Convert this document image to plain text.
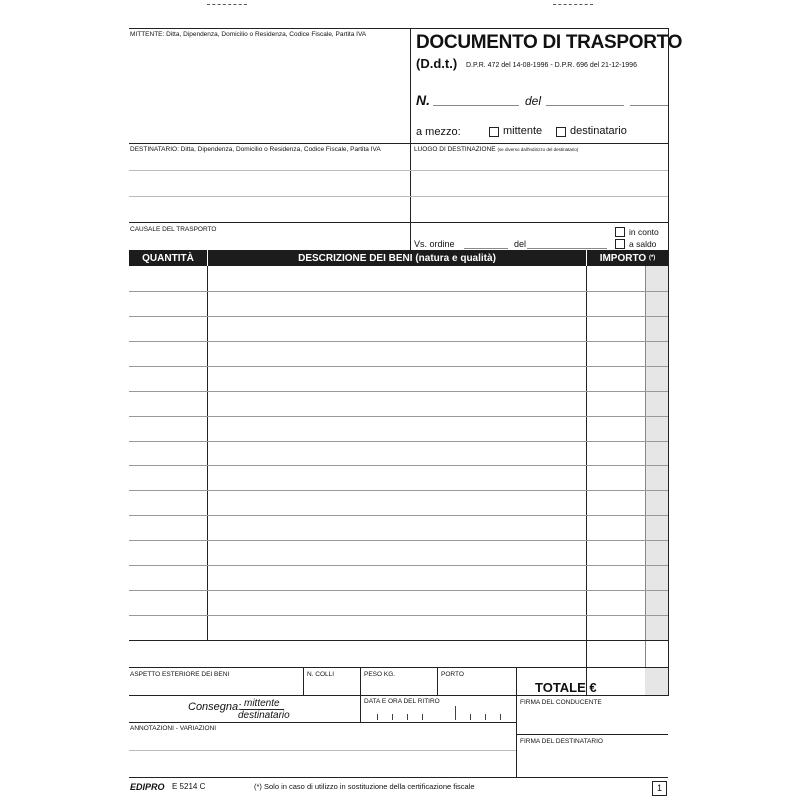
MITTENTE: Ditta, Dipendenza, Domicilio o Residenza, Codice Fiscale, Partita IVA
DESTINATARIO: Ditta, Dipendenza, Domicilio o Residenza, Codice Fiscale, Partita IVA
CAUSALE DEL TRASPORTO
DOCUMENTO DI TRASPORTO
(D.d.t.) D.P.R. 472 del 14-08-1996 - D.P.R. 696 del 21-12-1996
N.	del
a mezzo:	mittente	destinatario
LUOGO DI DESTINAZIONE (se diverso dall'indirizzo del destinatario)
Vs. ordine	del
in conto
a saldo
QUANTITÀ	DESCRIZIONE DEI BENI (natura e qualità)	IMPORTO
(*)
ASPETTO ESTERIORE DEI BENI	N. COLLI	PESO KG.	PORTO
TOTALE €
Consegna: mittente
destinatario
DATA E ORA DEL RITIRO	FIRMA DEL CONDUCENTE
ANNOTAZIONI - VARIAZIONI
FIRMA DEL DESTINATARIO
EDIPRO E 5214 C	(*) Solo in caso di utilizzo in sostituzione della certificazione fiscale	1
